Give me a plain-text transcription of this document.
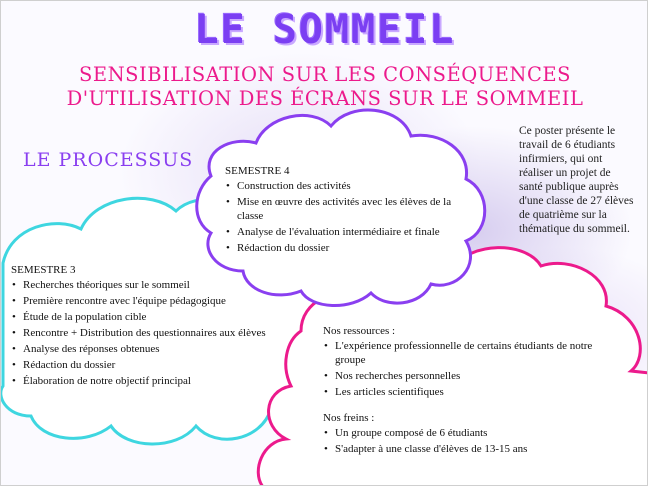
LE SOMMEIL
SENSIBILISATION SUR LES CONSÉQUENCES
D'UTILISATION DES ÉCRANS SUR LE SOMMEIL
LE PROCESSUS
Ce poster présente le travail de 6 étudiants infirmiers, qui ont réaliser un projet de santé publique auprès d'une classe de 27 élèves de quatrième sur la thématique du sommeil.
SEMESTRE 4
• Construction des activités
• Mise en œuvre des activités avec les élèves de la classe
• Analyse de l'évaluation intermédiaire et finale
• Rédaction du dossier
SEMESTRE 3
• Recherches théoriques sur le sommeil
• Première rencontre avec l'équipe pédagogique
• Étude de la population cible
• Rencontre + Distribution des questionnaires aux élèves
• Analyse des réponses obtenues
• Rédaction du dossier
• Élaboration de notre objectif principal
Nos ressources :
• L'expérience professionnelle de certains étudiants de notre groupe
• Nos recherches personnelles
• Les articles scientifiques
Nos freins :
• Un groupe composé de 6 étudiants
• S'adapter à une classe d'élèves de 13-15 ans
